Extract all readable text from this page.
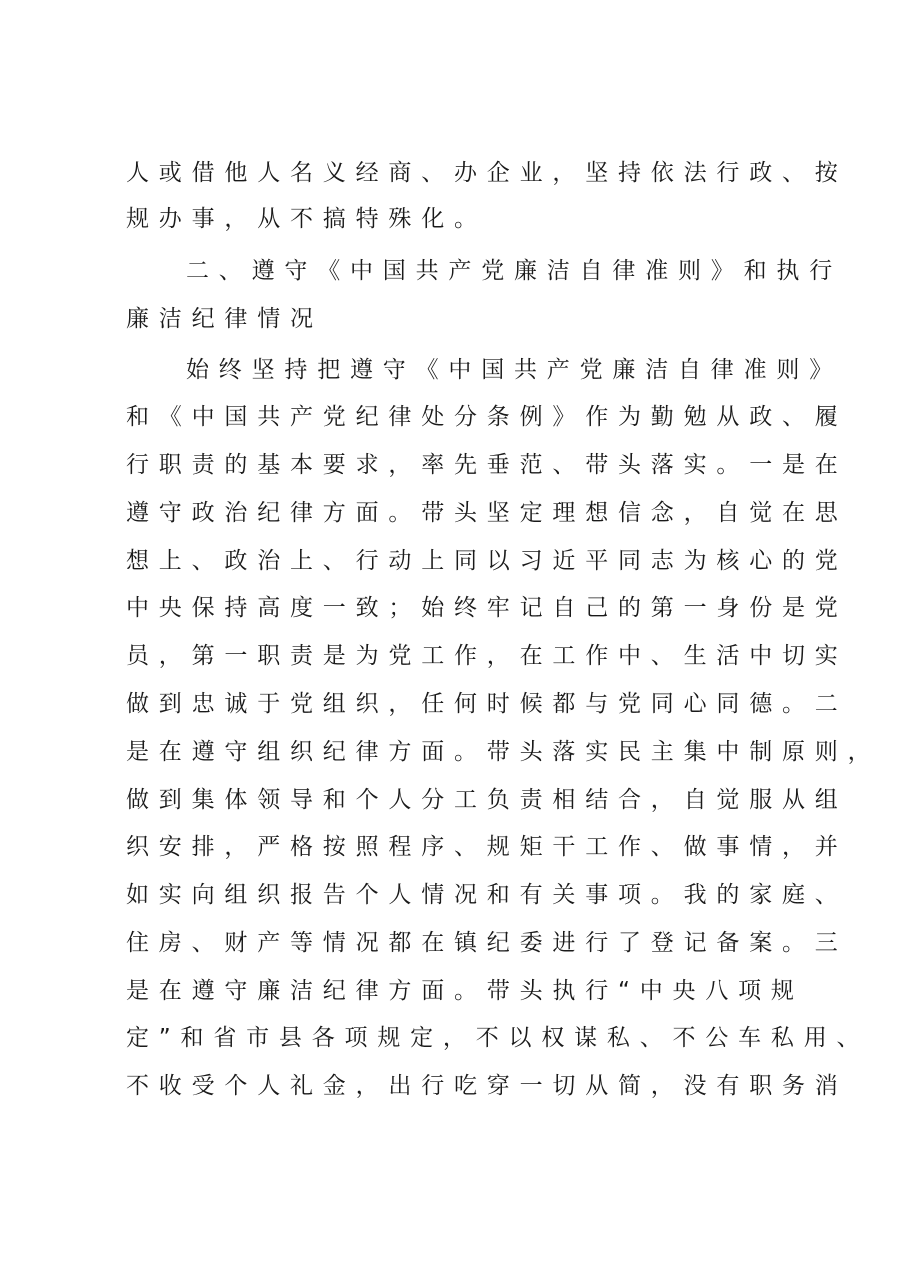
人或借他人名义经商、办企业，坚持依法行政、按
规办事，从不搞特殊化。
二、遵守《中国共产党廉洁自律准则》和执行
廉洁纪律情况
始终坚持把遵守《中国共产党廉洁自律准则》
和《中国共产党纪律处分条例》作为勤勉从政、履
行职责的基本要求，率先垂范、带头落实。一是在
遵守政治纪律方面。带头坚定理想信念，自觉在思
想上、政治上、行动上同以习近平同志为核心的党
中央保持高度一致；始终牢记自己的第一身份是党
员，第一职责是为党工作，在工作中、生活中切实
做到忠诚于党组织，任何时候都与党同心同德。二
是在遵守组织纪律方面。带头落实民主集中制原则，
做到集体领导和个人分工负责相结合，自觉服从组
织安排，严格按照程序、规矩干工作、做事情，并
如实向组织报告个人情况和有关事项。我的家庭、
住房、财产等情况都在镇纪委进行了登记备案。三
是在遵守廉洁纪律方面。带头执行“中央八项规
定”和省市县各项规定，不以权谋私、不公车私用、
不收受个人礼金，出行吃穿一切从简，没有职务消
